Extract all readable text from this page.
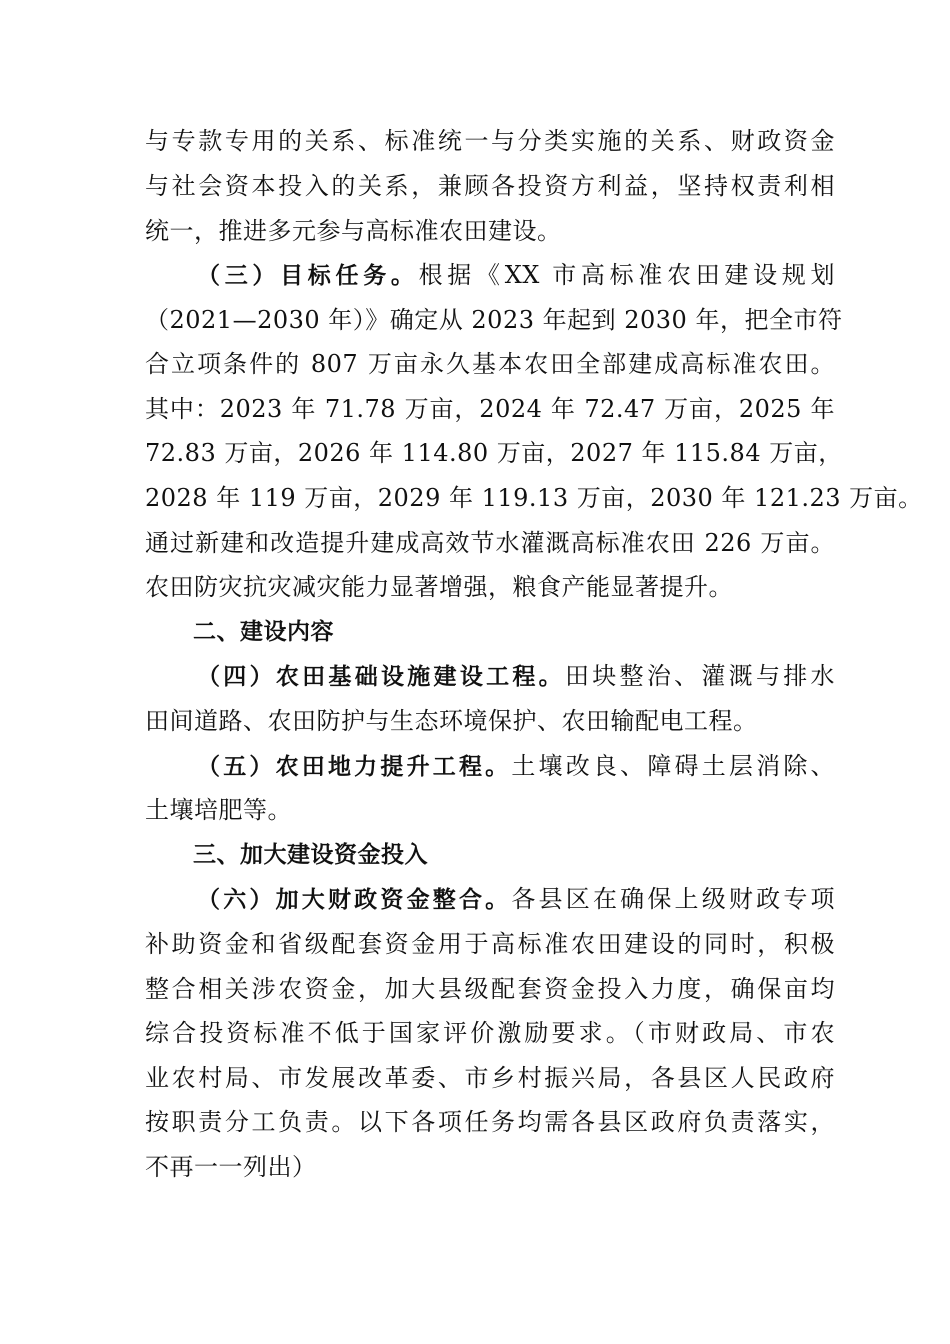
与专款专用的关系、标准统一与分类实施的关系、财政资金
与社会资本投入的关系，兼顾各投资方利益，坚持权责利相
统一，推进多元参与高标准农田建设。
（三）目标任务。根据《XX 市高标准农田建设规划
（2021—2030 年）》确定从 2023 年起到 2030 年，把全市符
合立项条件的 807 万亩永久基本农田全部建成高标准农田。
其中：2023 年 71.78 万亩，2024 年 72.47 万亩，2025 年
72.83 万亩，2026 年 114.80 万亩，2027 年 115.84 万亩，
2028 年 119 万亩，2029 年 119.13 万亩，2030 年 121.23 万亩。
通过新建和改造提升建成高效节水灌溉高标准农田 226 万亩。
农田防灾抗灾减灾能力显著增强，粮食产能显著提升。
二、建设内容
（四）农田基础设施建设工程。田块整治、灌溉与排水
田间道路、农田防护与生态环境保护、农田输配电工程。
（五）农田地力提升工程。土壤改良、障碍土层消除、
土壤培肥等。
三、加大建设资金投入
（六）加大财政资金整合。各县区在确保上级财政专项
补助资金和省级配套资金用于高标准农田建设的同时，积极
整合相关涉农资金，加大县级配套资金投入力度，确保亩均
综合投资标准不低于国家评价激励要求。（市财政局、市农
业农村局、市发展改革委、市乡村振兴局，各县区人民政府
按职责分工负责。以下各项任务均需各县区政府负责落实，
不再一一列出）
